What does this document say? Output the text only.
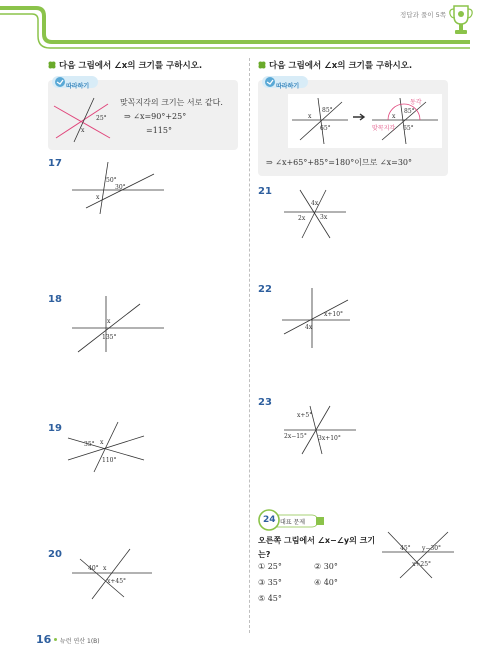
정답과 풀이 5쪽
다음 그림에서 ∠x의 크기를 구하시오.
따라하기
25°
x
맞꼭지각의 크기는 서로 같다.
⇒ ∠x=90°+25°
=115°
17
50°
30°
x
18
x
135°
19
35° x
110°
20
40° x
x+45°
다음 그림에서 ∠x의 크기를 구하시오.
따라하기
85°
x
65°
동각
85°
x
65°
맞꼭지각
⇒ ∠x+65°+85°=180°이므로 ∠x=30°
21
4x
3x
2x
22
x+10°
4x
23
x+5°
2x−15° 3x+10°
24 대표 문제
오른쪽 그림에서 ∠x−∠y의 크기
는?
① 25°	② 30°
③ 35°	④ 40°
⑤ 45°
45° y−30°
x+25°
16 뉴런 연산 1(B)
